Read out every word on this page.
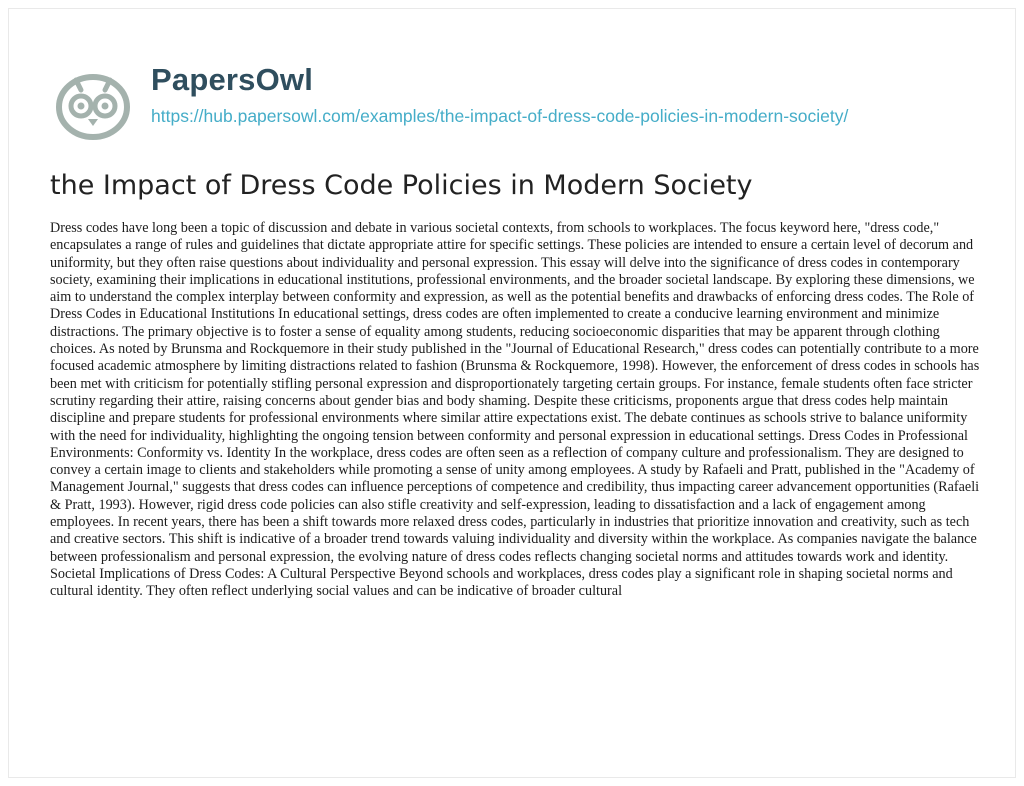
PapersOwl
https://hub.papersowl.com/examples/the-impact-of-dress-code-policies-in-modern-society/
the Impact of Dress Code Policies in Modern Society

Dress codes have long been a topic of discussion and debate in various societal contexts, from schools to workplaces. The focus keyword here, "dress code," encapsulates a range of rules and guidelines that dictate appropriate attire for specific settings. These policies are intended to ensure a certain level of decorum and uniformity, but they often raise questions about individuality and personal expression. This essay will delve into the significance of dress codes in contemporary society, examining their implications in educational institutions, professional environments, and the broader societal landscape. By exploring these dimensions, we aim to understand the complex interplay between conformity and expression, as well as the potential benefits and drawbacks of enforcing dress codes. The Role of Dress Codes in Educational Institutions In educational settings, dress codes are often implemented to create a conducive learning environment and minimize distractions. The primary objective is to foster a sense of equality among students, reducing socioeconomic disparities that may be apparent through clothing choices. As noted by Brunsma and Rockquemore in their study published in the "Journal of Educational Research," dress codes can potentially contribute to a more focused academic atmosphere by limiting distractions related to fashion (Brunsma & Rockquemore, 1998). However, the enforcement of dress codes in schools has been met with criticism for potentially stifling personal expression and disproportionately targeting certain groups. For instance, female students often face stricter scrutiny regarding their attire, raising concerns about gender bias and body shaming. Despite these criticisms, proponents argue that dress codes help maintain discipline and prepare students for professional environments where similar attire expectations exist. The debate continues as schools strive to balance uniformity with the need for individuality, highlighting the ongoing tension between conformity and personal expression in educational settings. Dress Codes in Professional Environments: Conformity vs. Identity In the workplace, dress codes are often seen as a reflection of company culture and professionalism. They are designed to convey a certain image to clients and stakeholders while promoting a sense of unity among employees. A study by Rafaeli and Pratt, published in the "Academy of Management Journal," suggests that dress codes can influence perceptions of competence and credibility, thus impacting career advancement opportunities (Rafaeli & Pratt, 1993). However, rigid dress code policies can also stifle creativity and self-expression, leading to dissatisfaction and a lack of engagement among employees. In recent years, there has been a shift towards more relaxed dress codes, particularly in industries that prioritize innovation and creativity, such as tech and creative sectors. This shift is indicative of a broader trend towards valuing individuality and diversity within the workplace. As companies navigate the balance between professionalism and personal expression, the evolving nature of dress codes reflects changing societal norms and attitudes towards work and identity. Societal Implications of Dress Codes: A Cultural Perspective Beyond schools and workplaces, dress codes play a significant role in shaping societal norms and cultural identity. They often reflect underlying social values and can be indicative of broader cultural
